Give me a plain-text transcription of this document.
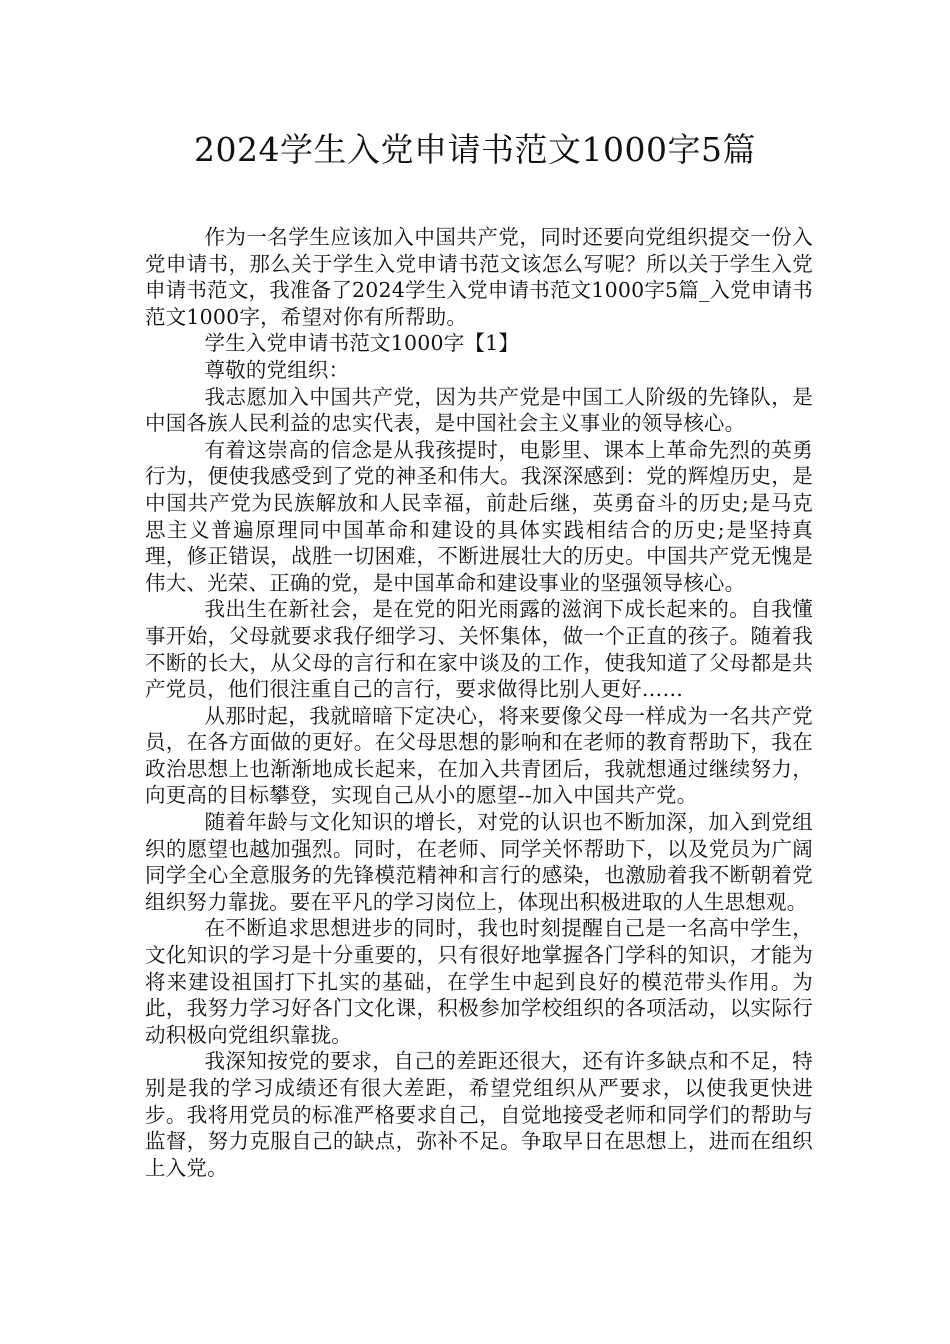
2024学生入党申请书范文1000字5篇

作为一名学生应该加入中国共产党，同时还要向党组织提交一份入党申请书，那么关于学生入党申请书范文该怎么写呢？所以关于学生入党申请书范文，我准备了2024学生入党申请书范文1000字5篇_入党申请书范文1000字，希望对你有所帮助。

学生入党申请书范文1000字【1】

尊敬的党组织：

我志愿加入中国共产党，因为共产党是中国工人阶级的先锋队，是中国各族人民利益的忠实代表，是中国社会主义事业的领导核心。

有着这崇高的信念是从我孩提时，电影里、课本上革命先烈的英勇行为，便使我感受到了党的神圣和伟大。我深深感到：党的辉煌历史，是中国共产党为民族解放和人民幸福，前赴后继，英勇奋斗的历史;是马克思主义普遍原理同中国革命和建设的具体实践相结合的历史;是坚持真理，修正错误，战胜一切困难，不断进展壮大的历史。中国共产党无愧是伟大、光荣、正确的党，是中国革命和建设事业的坚强领导核心。

我出生在新社会，是在党的阳光雨露的滋润下成长起来的。自我懂事开始，父母就要求我仔细学习、关怀集体，做一个正直的孩子。随着我不断的长大，从父母的言行和在家中谈及的工作，使我知道了父母都是共产党员，他们很注重自己的言行，要求做得比别人更好……

从那时起，我就暗暗下定决心，将来要像父母一样成为一名共产党员，在各方面做的更好。在父母思想的影响和在老师的教育帮助下，我在政治思想上也渐渐地成长起来，在加入共青团后，我就想通过继续努力，向更高的目标攀登，实现自己从小的愿望--加入中国共产党。

随着年龄与文化知识的增长，对党的认识也不断加深，加入到党组织的愿望也越加强烈。同时，在老师、同学关怀帮助下，以及党员为广阔同学全心全意服务的先锋模范精神和言行的感染，也激励着我不断朝着党组织努力靠拢。要在平凡的学习岗位上，体现出积极进取的人生思想观。

在不断追求思想进步的同时，我也时刻提醒自己是一名高中学生，文化知识的学习是十分重要的，只有很好地掌握各门学科的知识，才能为将来建设祖国打下扎实的基础，在学生中起到良好的模范带头作用。为此，我努力学习好各门文化课，积极参加学校组织的各项活动，以实际行动积极向党组织靠拢。

我深知按党的要求，自己的差距还很大，还有许多缺点和不足，特别是我的学习成绩还有很大差距，希望党组织从严要求，以使我更快进步。我将用党员的标准严格要求自己，自觉地接受老师和同学们的帮助与监督，努力克服自己的缺点，弥补不足。争取早日在思想上，进而在组织上入党。
